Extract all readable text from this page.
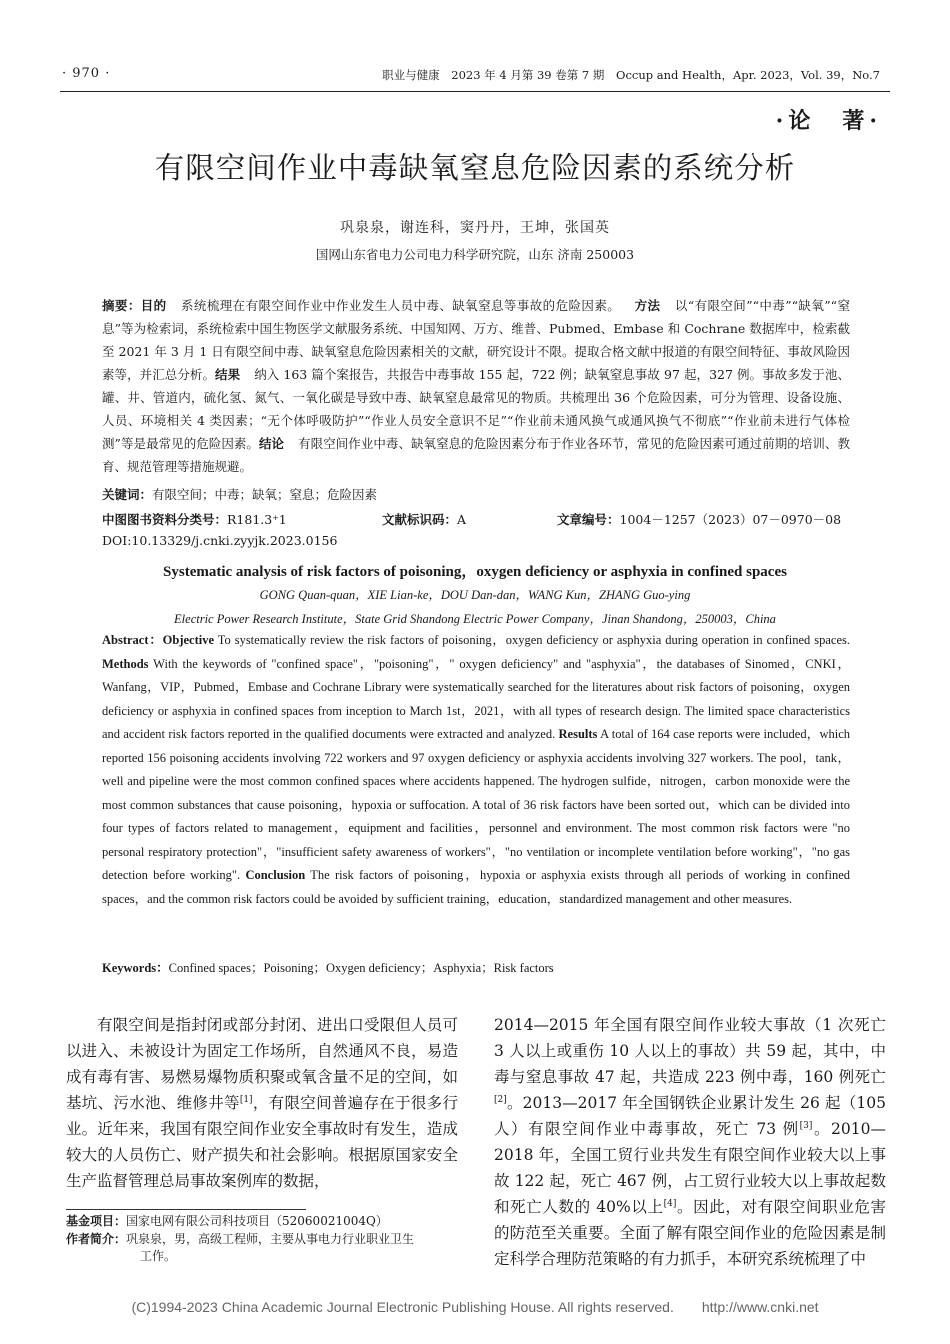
· 970 ·	职业与健康 2023 年 4 月第 39 卷第 7 期 Occup and Health，Apr. 2023，Vol. 39，No.7
·论　著·
有限空间作业中毒缺氧窒息危险因素的系统分析
巩泉泉，谢连科，窦丹丹，王坤，张国英
国网山东省电力公司电力科学研究院，山东 济南 250003
摘要：目的 系统梳理在有限空间作业中作业发生人员中毒、缺氧窒息等事故的危险因素。 方法 以“有限空间”“中毒”“缺氧”“窒息”等为检索词，系统检索中国生物医学文献服务系统、中国知网、万方、维普、Pubmed、Embase 和 Cochrane 数据库中，检索截至 2021 年 3 月 1 日有限空间中毒、缺氧窒息危险因素相关的文献，研究设计不限。提取合格文献中报道的有限空间特征、事故风险因素等，并汇总分析。结果 纳入 163 篇个案报告，共报告中毒事故 155 起，722 例；缺氧窒息事故 97 起，327 例。事故多发于池、罐、井、管道内，硫化氢、氮气、一氧化碳是导致中毒、缺氧窒息最常见的物质。共梳理出 36 个危险因素，可分为管理、设备设施、人员、环境相关 4 类因素；“无个体呼吸防护”“作业人员安全意识不足”“作业前未通风换气或通风换气不彻底”“作业前未进行气体检测”等是最常见的危险因素。结论 有限空间作业中毒、缺氧窒息的危险因素分布于作业各环节，常见的危险因素可通过前期的培训、教育、规范管理等措施规避。
关键词：有限空间；中毒；缺氧；窒息；危险因素
中图图书资料分类号：R181.3⁺1	文献标识码：A	文章编号：1004－1257（2023）07－0970－08
DOI:10.13329/j.cnki.zyyjk.2023.0156
Systematic analysis of risk factors of poisoning，oxygen deficiency or asphyxia in confined spaces
GONG Quan-quan，XIE Lian-ke，DOU Dan-dan，WANG Kun，ZHANG Guo-ying
Electric Power Research Institute，State Grid Shandong Electric Power Company，Jinan Shandong，250003，China
Abstract：Objective To systematically review the risk factors of poisoning，oxygen deficiency or asphyxia during operation in confined spaces. Methods With the keywords of "confined space"，"poisoning"，" oxygen deficiency" and "asphyxia"，the databases of Sinomed，CNKI，Wanfang，VIP，Pubmed，Embase and Cochrane Library were systematically searched for the literatures about risk factors of poisoning，oxygen deficiency or asphyxia in confined spaces from inception to March 1st，2021，with all types of research design. The limited space characteristics and accident risk factors reported in the qualified documents were extracted and analyzed. Results A total of 164 case reports were included，which reported 156 poisoning accidents involving 722 workers and 97 oxygen deficiency or asphyxia accidents involving 327 workers. The pool，tank，well and pipeline were the most common confined spaces where accidents happened. The hydrogen sulfide，nitrogen，carbon monoxide were the most common substances that cause poisoning，hypoxia or suffocation. A total of 36 risk factors have been sorted out，which can be divided into four types of factors related to management，equipment and facilities，personnel and environment. The most common risk factors were "no personal respiratory protection"，"insufficient safety awareness of workers"，"no ventilation or incomplete ventilation before working"，"no gas detection before working". Conclusion The risk factors of poisoning，hypoxia or asphyxia exists through all periods of working in confined spaces，and the common risk factors could be avoided by sufficient training，education，standardized management and other measures.
Keywords：Confined spaces；Poisoning；Oxygen deficiency；Asphyxia；Risk factors

有限空间是指封闭或部分封闭、进出口受限但人员可以进入、未被设计为固定工作场所，自然通风不良，易造成有毒有害、易燃易爆物质积聚或氧含量不足的空间，如基坑、污水池、维修井等[1]，有限空间普遍存在于很多行业。近年来，我国有限空间作业安全事故时有发生，造成较大的人员伤亡、财产损失和社会影响。根据原国家安全生产监督管理总局事故案例库的数据，

2014—2015 年全国有限空间作业较大事故（1 次死亡 3 人以上或重伤 10 人以上的事故）共 59 起，其中，中毒与窒息事故 47 起，共造成 223 例中毒，160 例死亡[2]。2013—2017 年全国钢铁企业累计发生 26 起（105 人）有限空间作业中毒事故，死亡 73 例[3]。2010—2018 年，全国工贸行业共发生有限空间作业较大以上事故 122 起，死亡 467 例，占工贸行业较大以上事故起数和死亡人数的 40%以上[4]。因此，对有限空间职业危害的防范至关重要。全面了解有限空间作业的危险因素是制定科学合理防范策略的有力抓手，本研究系统梳理了中

基金项目：国家电网有限公司科技项目（52060021004Q）
作者简介：巩泉泉，男，高级工程师，主要从事电力行业职业卫生
工作。
(C)1994-2023 China Academic Journal Electronic Publishing House. All rights reserved.　　http://www.cnki.net
